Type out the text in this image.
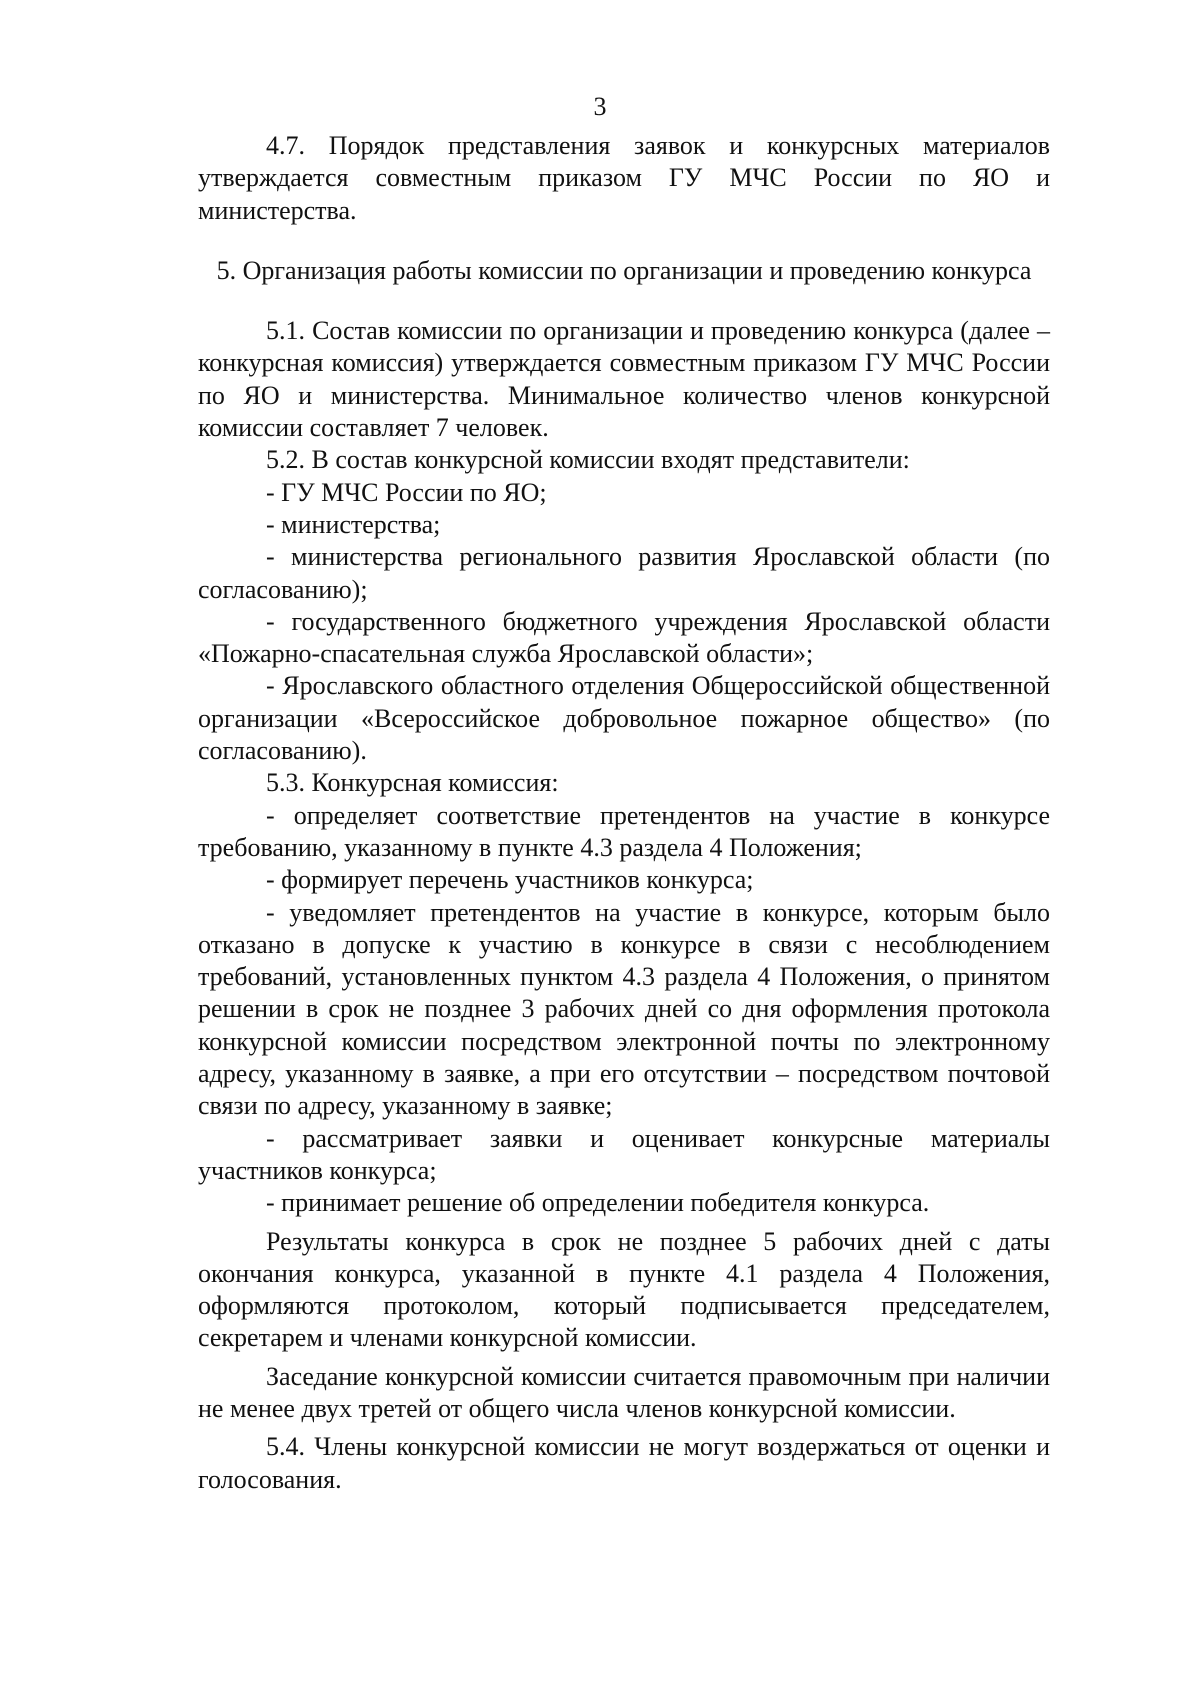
3

4.7. Порядок представления заявок и конкурсных материалов утверждается совместным приказом ГУ МЧС России по ЯО и министерства.

5. Организация работы комиссии по организации и проведению конкурса

5.1. Состав комиссии по организации и проведению конкурса (далее – конкурсная комиссия) утверждается совместным приказом ГУ МЧС России по ЯО и министерства. Минимальное количество членов конкурсной комиссии составляет 7 человек.

5.2. В состав конкурсной комиссии входят представители:

- ГУ МЧС России по ЯО;

- министерства;

- министерства регионального развития Ярославской области (по согласованию);

- государственного бюджетного учреждения Ярославской области «Пожарно-спасательная служба Ярославской области»;

- Ярославского областного отделения Общероссийской общественной организации «Всероссийское добровольное пожарное общество» (по согласованию).

5.3. Конкурсная комиссия:

- определяет соответствие претендентов на участие в конкурсе требованию, указанному в пункте 4.3 раздела 4 Положения;

- формирует перечень участников конкурса;

- уведомляет претендентов на участие в конкурсе, которым было отказано в допуске к участию в конкурсе в связи с несоблюдением требований, установленных пунктом 4.3 раздела 4 Положения, о принятом решении в срок не позднее 3 рабочих дней со дня оформления протокола конкурсной комиссии посредством электронной почты по электронному адресу, указанному в заявке, а при его отсутствии – посредством почтовой связи по адресу, указанному в заявке;

- рассматривает заявки и оценивает конкурсные материалы участников конкурса;

- принимает решение об определении победителя конкурса.

Результаты конкурса в срок не позднее 5 рабочих дней с даты окончания конкурса, указанной в пункте 4.1 раздела 4 Положения, оформляются протоколом, который подписывается председателем, секретарем и членами конкурсной комиссии.

Заседание конкурсной комиссии считается правомочным при наличии не менее двух третей от общего числа членов конкурсной комиссии.

5.4. Члены конкурсной комиссии не могут воздержаться от оценки и голосования.
